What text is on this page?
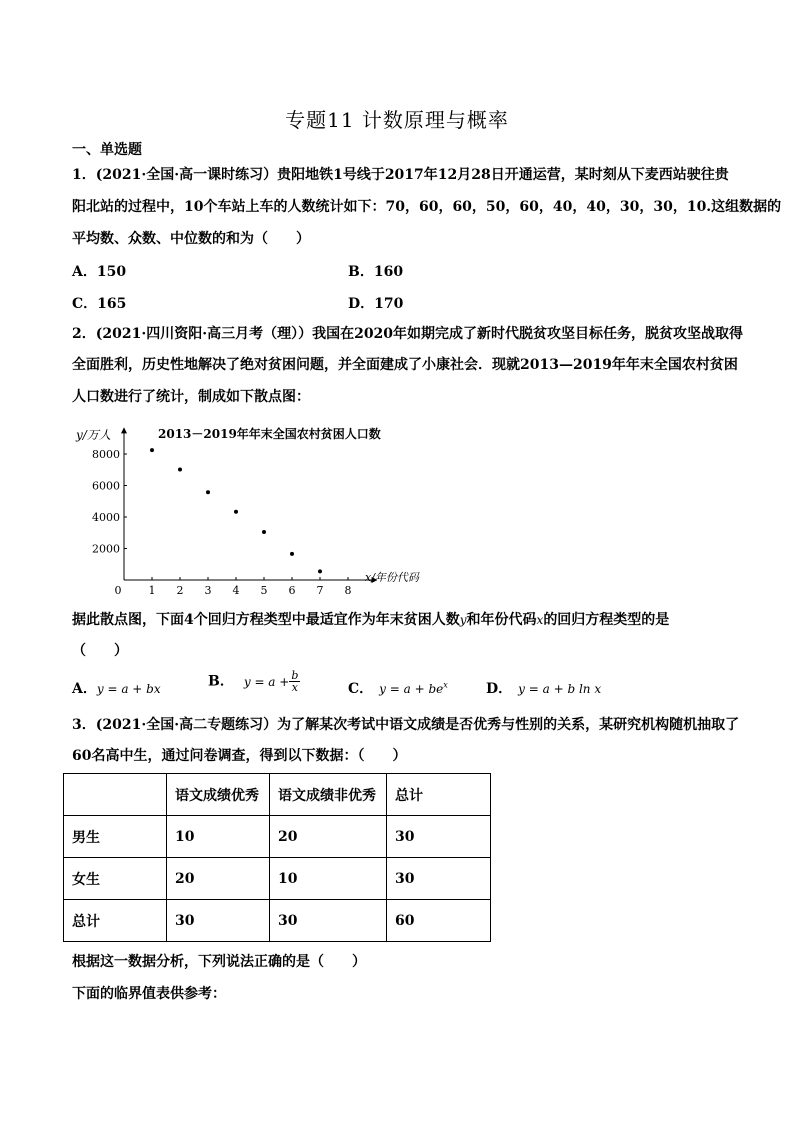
专题11 计数原理与概率
一、单选题
1．(2021·全国·高一课时练习）贵阳地铁1号线于2017年12月28日开通运营，某时刻从下麦西站驶往贵
阳北站的过程中，10个车站上车的人数统计如下：70，60，60，50，60，40，40，30，30，10.这组数据的
平均数、众数、中位数的和为（　　）
A．150	B．160
C．165	D．170
2．(2021·四川资阳·高三月考（理））我国在2020年如期完成了新时代脱贫攻坚目标任务，脱贫攻坚战取得
全面胜利，历史性地解决了绝对贫困问题，并全面建成了小康社会．现就2013—2019年年末全国农村贫困
人口数进行了统计，制成如下散点图：
y/万人	2013－2019年年末全国农村贫困人口数
x/年份代码
2000
4000
6000
8000
0 1 2 3 4 5 6 7 8
据此散点图，下面4个回归方程类型中最适宜作为年末贫困人数y和年份代码x的回归方程类型的是
（　　）
A．y = a + bx	B． $y = a + \frac{b}{x}$	C． $y = a + be^x$	D． y = a + b ln x
3．(2021·全国·高二专题练习）为了解某次考试中语文成绩是否优秀与性别的关系，某研究机构随机抽取了
60名高中生，通过问卷调查，得到以下数据：（　　）
	语文成绩优秀	语文成绩非优秀	总计
男生	10	20	30
女生	20	10	30
总计	30	30	60
根据这一数据分析，下列说法正确的是（　　）
下面的临界值表供参考：
